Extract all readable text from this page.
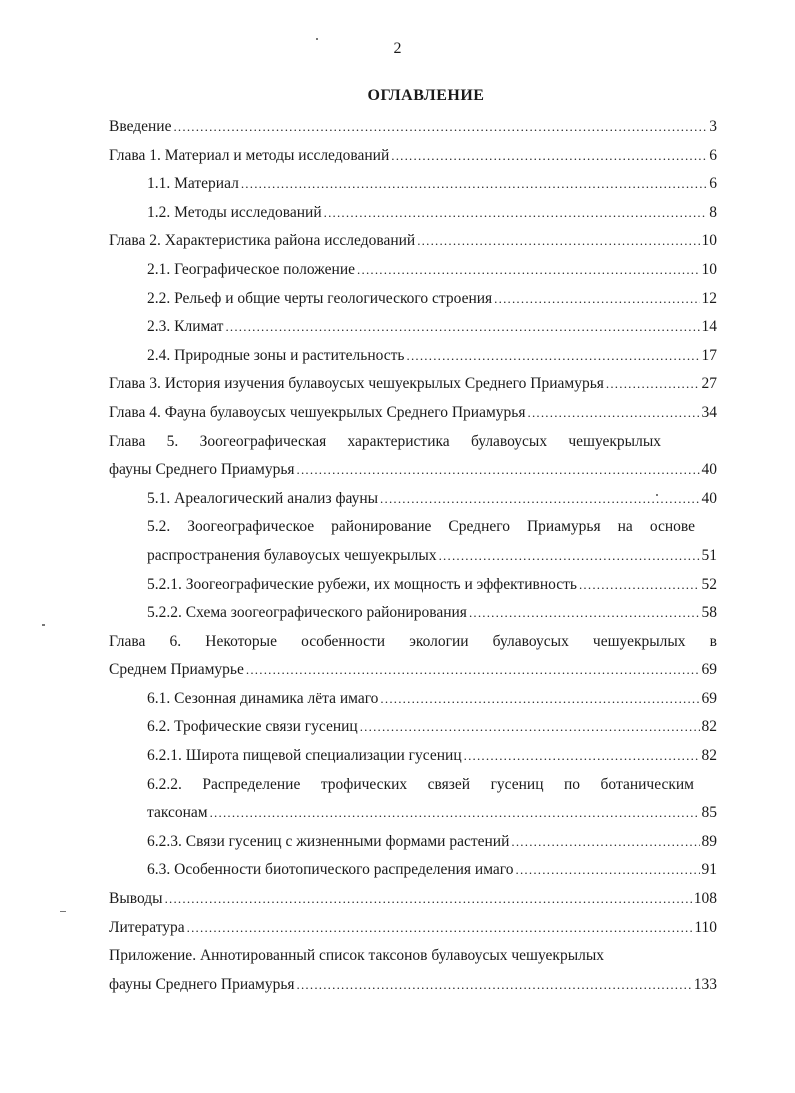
2
ОГЛАВЛЕНИЕ
Введение .....	3
Глава 1. Материал и методы исследований .....	6
1.1. Материал .....	6
1.2. Методы исследований .....	8
Глава 2. Характеристика района исследований .....	10
2.1. Географическое положение .....	10
2.2. Рельеф и общие черты геологического строения .....	12
2.3. Климат .....	14
2.4. Природные зоны и растительность .....	17
Глава 3. История изучения булавоусых чешуекрылых Среднего Приамурья .....	27
Глава 4. Фауна булавоусых чешуекрылых Среднего Приамурья .....	34
Глава 5. Зоогеографическая характеристика булавоусых чешуекрылых
фауны Среднего Приамурья .....	40
5.1. Ареалогический анализ фауны .....	40
5.2. Зоогеографическое районирование Среднего Приамурья на основе
распространения булавоусых чешуекрылых .....	51
5.2.1. Зоогеографические рубежи, их мощность и эффективность .....	52
5.2.2. Схема зоогеографического районирования .....	58
Глава 6. Некоторые особенности экологии булавоусых чешуекрылых в
Среднем Приамурье .....	69
6.1. Сезонная динамика лёта имаго .....	69
6.2. Трофические связи гусениц .....	82
6.2.1. Широта пищевой специализации гусениц .....	82
6.2.2. Распределение трофических связей гусениц по ботаническим
таксонам .....	85
6.2.3. Связи гусениц с жизненными формами растений .....	89
6.3. Особенности биотопического распределения имаго .....	91
Выводы .....	108
Литература .....	110
Приложение. Аннотированный список таксонов булавоусых чешуекрылых
фауны Среднего Приамурья .....	133
